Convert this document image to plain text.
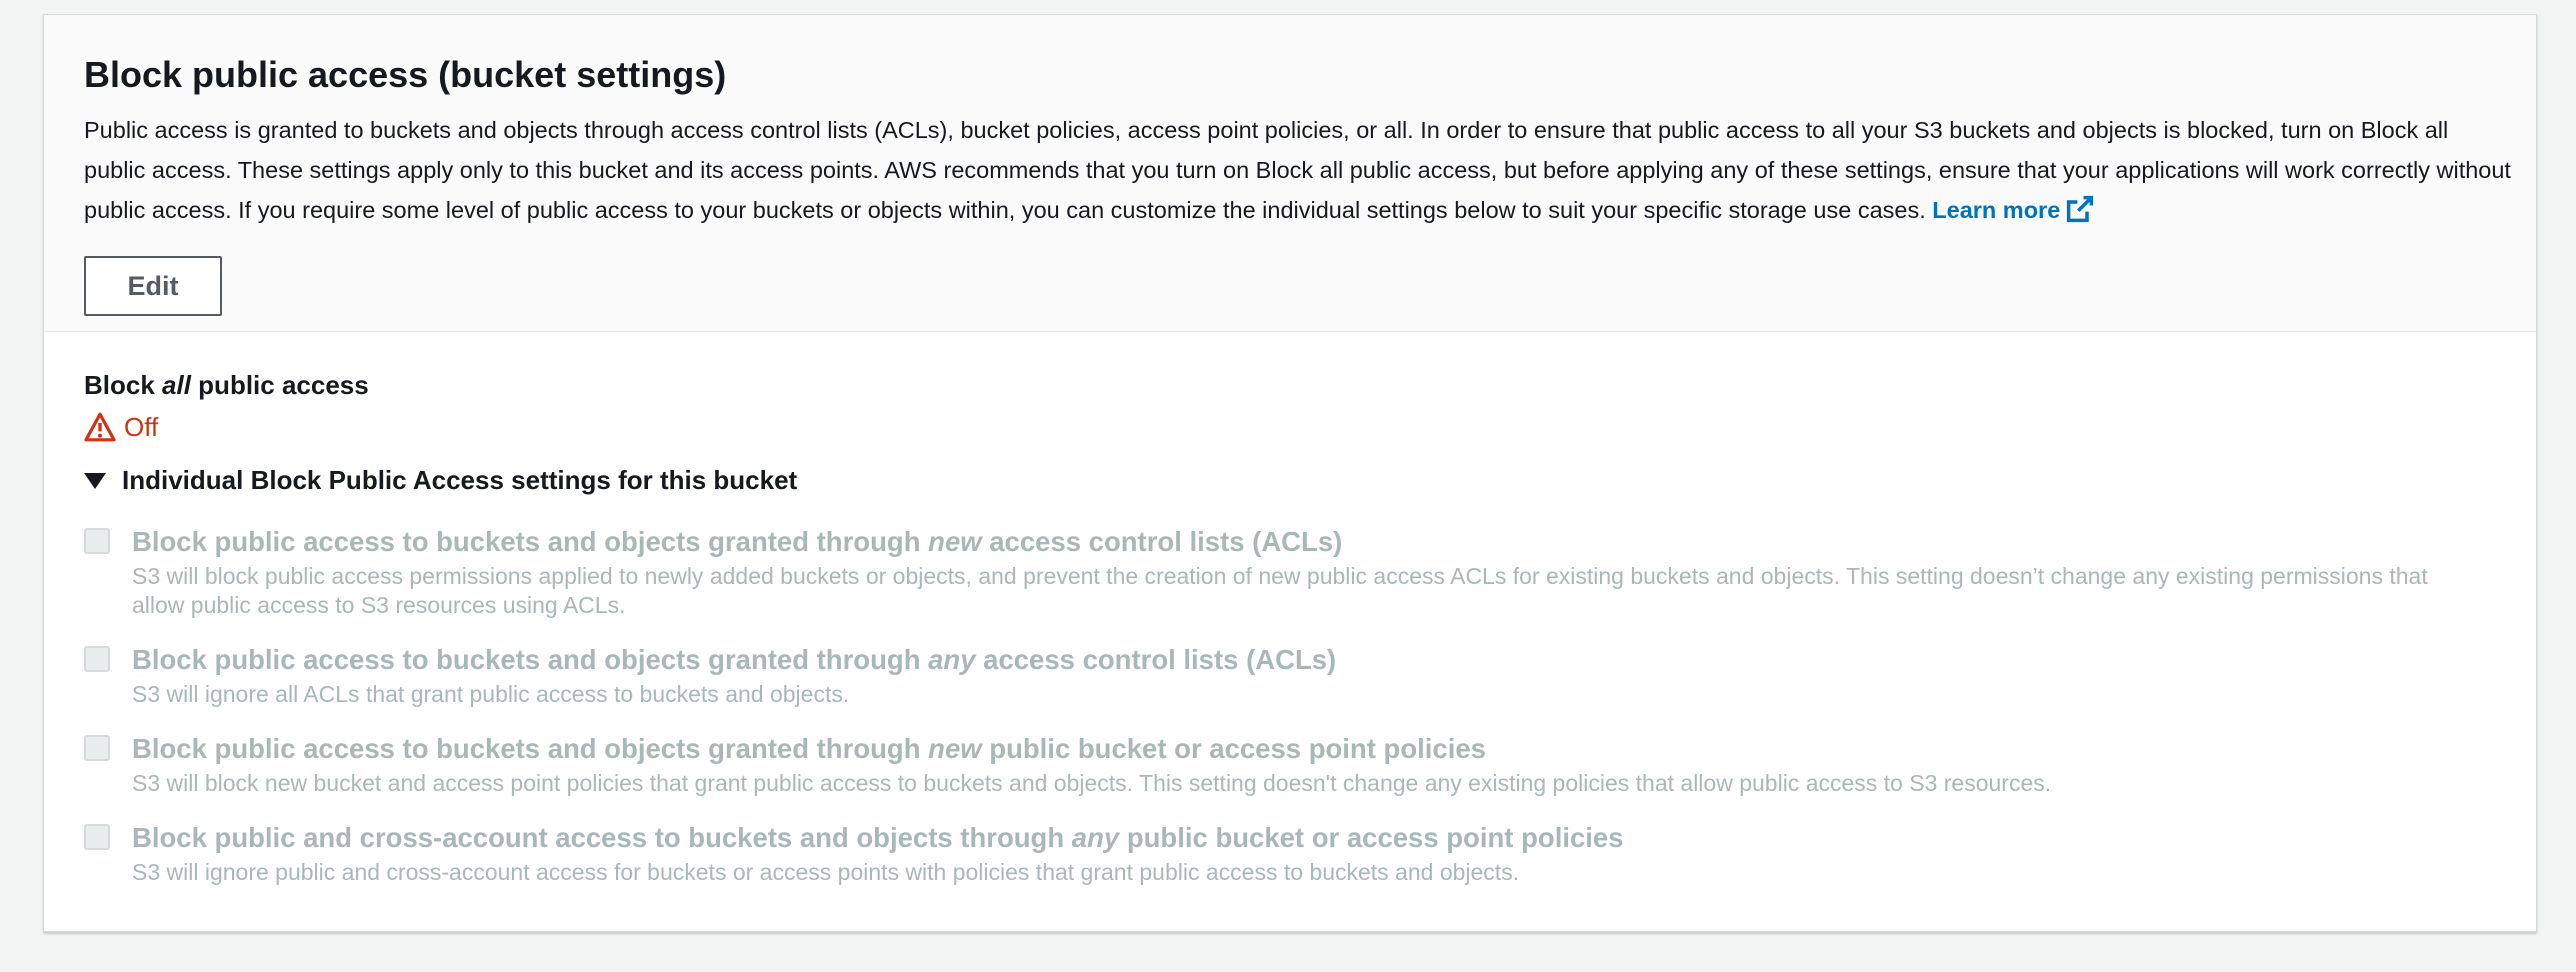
Block public access (bucket settings)

Public access is granted to buckets and objects through access control lists (ACLs), bucket policies, access point policies, or all. In order to ensure that public access to all your S3 buckets and objects is blocked, turn on Block all public access. These settings apply only to this bucket and its access points. AWS recommends that you turn on Block all public access, but before applying any of these settings, ensure that your applications will work correctly without public access. If you require some level of public access to your buckets or objects within, you can customize the individual settings below to suit your specific storage use cases. Learn more

Edit
Block all public access
Off
Individual Block Public Access settings for this bucket
Block public access to buckets and objects granted through new access control lists (ACLs)
S3 will block public access permissions applied to newly added buckets or objects, and prevent the creation of new public access ACLs for existing buckets and objects. This setting doesn’t change any existing permissions that allow public access to S3 resources using ACLs.
Block public access to buckets and objects granted through any access control lists (ACLs)
S3 will ignore all ACLs that grant public access to buckets and objects.
Block public access to buckets and objects granted through new public bucket or access point policies
S3 will block new bucket and access point policies that grant public access to buckets and objects. This setting doesn't change any existing policies that allow public access to S3 resources.
Block public and cross-account access to buckets and objects through any public bucket or access point policies
S3 will ignore public and cross-account access for buckets or access points with policies that grant public access to buckets and objects.
